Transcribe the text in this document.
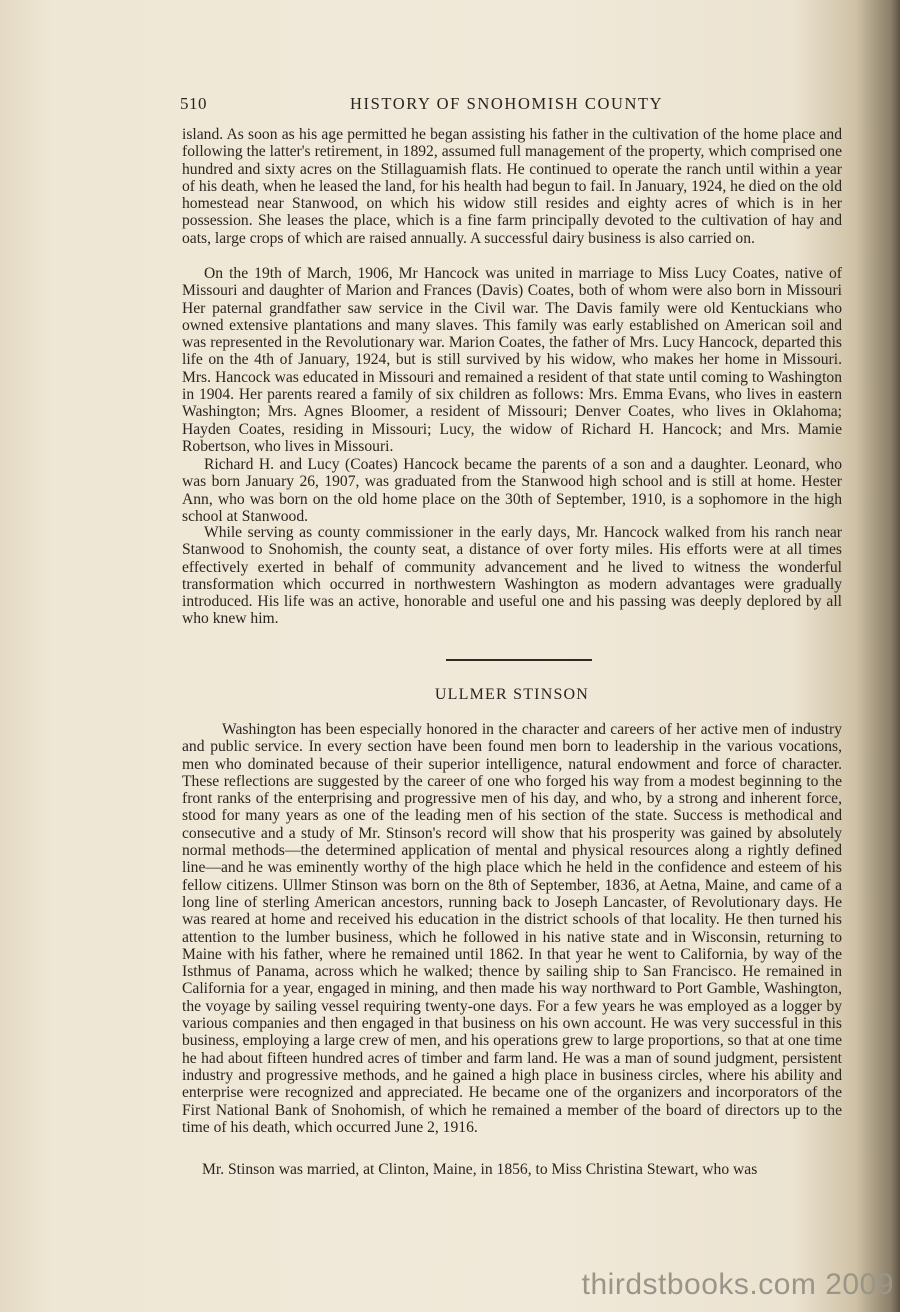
510	HISTORY OF SNOHOMISH COUNTY

island. As soon as his age permitted he began assisting his father in the cultivation of the home place and following the latter's retirement, in 1892, assumed full management of the property, which comprised one hundred and sixty acres on the Stillaguamish flats. He continued to operate the ranch until within a year of his death, when he leased the land, for his health had begun to fail. In January, 1924, he died on the old homestead near Stanwood, on which his widow still resides and eighty acres of which is in her possession. She leases the place, which is a fine farm principally devoted to the cultivation of hay and oats, large crops of which are raised annually. A successful dairy business is also carried on.

On the 19th of March, 1906, Mr Hancock was united in marriage to Miss Lucy Coates, native of Missouri and daughter of Marion and Frances (Davis) Coates, both of whom were also born in Missouri Her paternal grandfather saw service in the Civil war. The Davis family were old Kentuckians who owned extensive plantations and many slaves. This family was early established on American soil and was represented in the Revolutionary war. Marion Coates, the father of Mrs. Lucy Hancock, departed this life on the 4th of January, 1924, but is still survived by his widow, who makes her home in Missouri. Mrs. Hancock was educated in Missouri and remained a resident of that state until coming to Washington in 1904. Her parents reared a family of six children as follows: Mrs. Emma Evans, who lives in eastern Washington; Mrs. Agnes Bloomer, a resident of Missouri; Denver Coates, who lives in Oklahoma; Hayden Coates, residing in Missouri; Lucy, the widow of Richard H. Hancock; and Mrs. Mamie Robertson, who lives in Missouri.

Richard H. and Lucy (Coates) Hancock became the parents of a son and a daughter. Leonard, who was born January 26, 1907, was graduated from the Stanwood high school and is still at home. Hester Ann, who was born on the old home place on the 30th of September, 1910, is a sophomore in the high school at Stanwood.

While serving as county commissioner in the early days, Mr. Hancock walked from his ranch near Stanwood to Snohomish, the county seat, a distance of over forty miles. His efforts were at all times effectively exerted in behalf of community advancement and he lived to witness the wonderful transformation which occurred in northwestern Washington as modern advantages were gradually introduced. His life was an active, honorable and useful one and his passing was deeply deplored by all who knew him.

ULLMER STINSON

Washington has been especially honored in the character and careers of her active men of industry and public service. In every section have been found men born to leadership in the various vocations, men who dominated because of their superior intelligence, natural endowment and force of character. These reflections are suggested by the career of one who forged his way from a modest beginning to the front ranks of the enterprising and progressive men of his day, and who, by a strong and inherent force, stood for many years as one of the leading men of his section of the state. Success is methodical and consecutive and a study of Mr. Stinson's record will show that his prosperity was gained by absolutely normal methods—the determined application of mental and physical resources along a rightly defined line—and he was eminently worthy of the high place which he held in the confidence and esteem of his fellow citizens. Ullmer Stinson was born on the 8th of September, 1836, at Aetna, Maine, and came of a long line of sterling American ancestors, running back to Joseph Lancaster, of Revolutionary days. He was reared at home and received his education in the district schools of that locality. He then turned his attention to the lumber business, which he followed in his native state and in Wisconsin, returning to Maine with his father, where he remained until 1862. In that year he went to California, by way of the Isthmus of Panama, across which he walked; thence by sailing ship to San Francisco. He remained in California for a year, engaged in mining, and then made his way northward to Port Gamble, Washington, the voyage by sailing vessel requiring twenty-one days. For a few years he was employed as a logger by various companies and then engaged in that business on his own account. He was very successful in this business, employing a large crew of men, and his operations grew to large proportions, so that at one time he had about fifteen hundred acres of timber and farm land. He was a man of sound judgment, persistent industry and progressive methods, and he gained a high place in business circles, where his ability and enterprise were recognized and appreciated. He became one of the organizers and incorporators of the First National Bank of Snohomish, of which he remained a member of the board of directors up to the time of his death, which occurred June 2, 1916.

Mr. Stinson was married, at Clinton, Maine, in 1856, to Miss Christina Stewart, who was

thirdstbooks.com 2009
